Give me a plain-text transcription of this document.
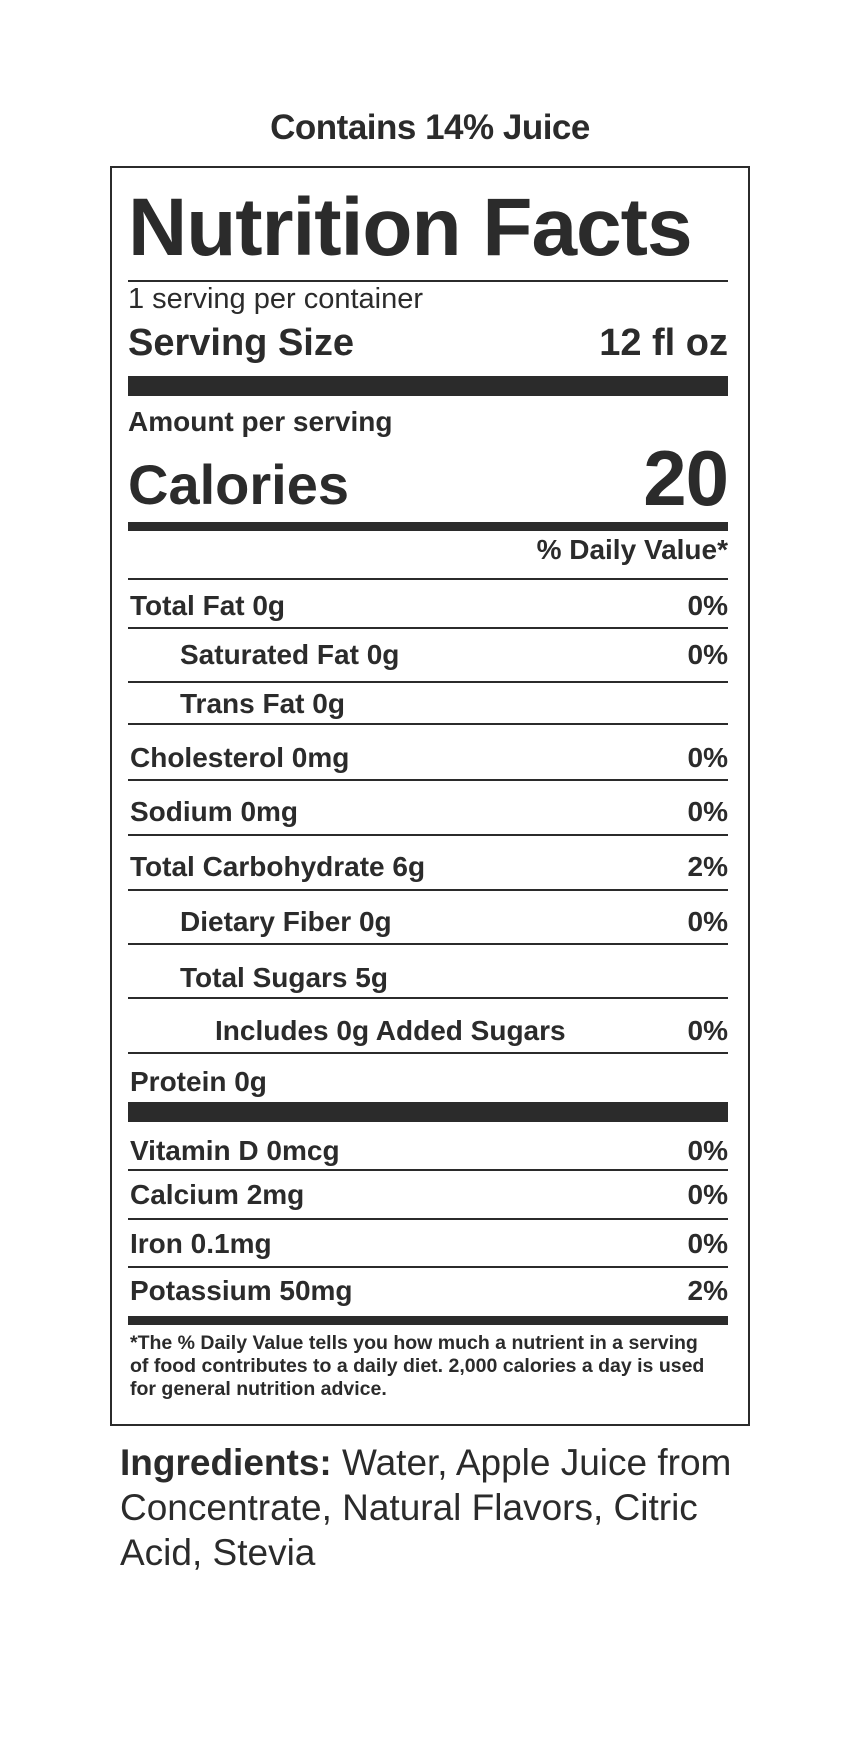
Contains 14% Juice
Nutrition Facts
1 serving per container
Serving Size	12 fl oz
Amount per serving
Calories	20
% Daily Value*
Total Fat 0g	0%
Saturated Fat 0g	0%
Trans Fat 0g
Cholesterol 0mg	0%
Sodium 0mg	0%
Total Carbohydrate 6g	2%
Dietary Fiber 0g	0%
Total Sugars 5g
Includes 0g Added Sugars	0%
Protein 0g
Vitamin D 0mcg	0%
Calcium 2mg	0%
Iron 0.1mg	0%
Potassium 50mg	2%
*The % Daily Value tells you how much a nutrient in a serving of food contributes to a daily diet. 2,000 calories a day is used for general nutrition advice.
Ingredients: Water, Apple Juice from Concentrate, Natural Flavors, Citric Acid, Stevia
